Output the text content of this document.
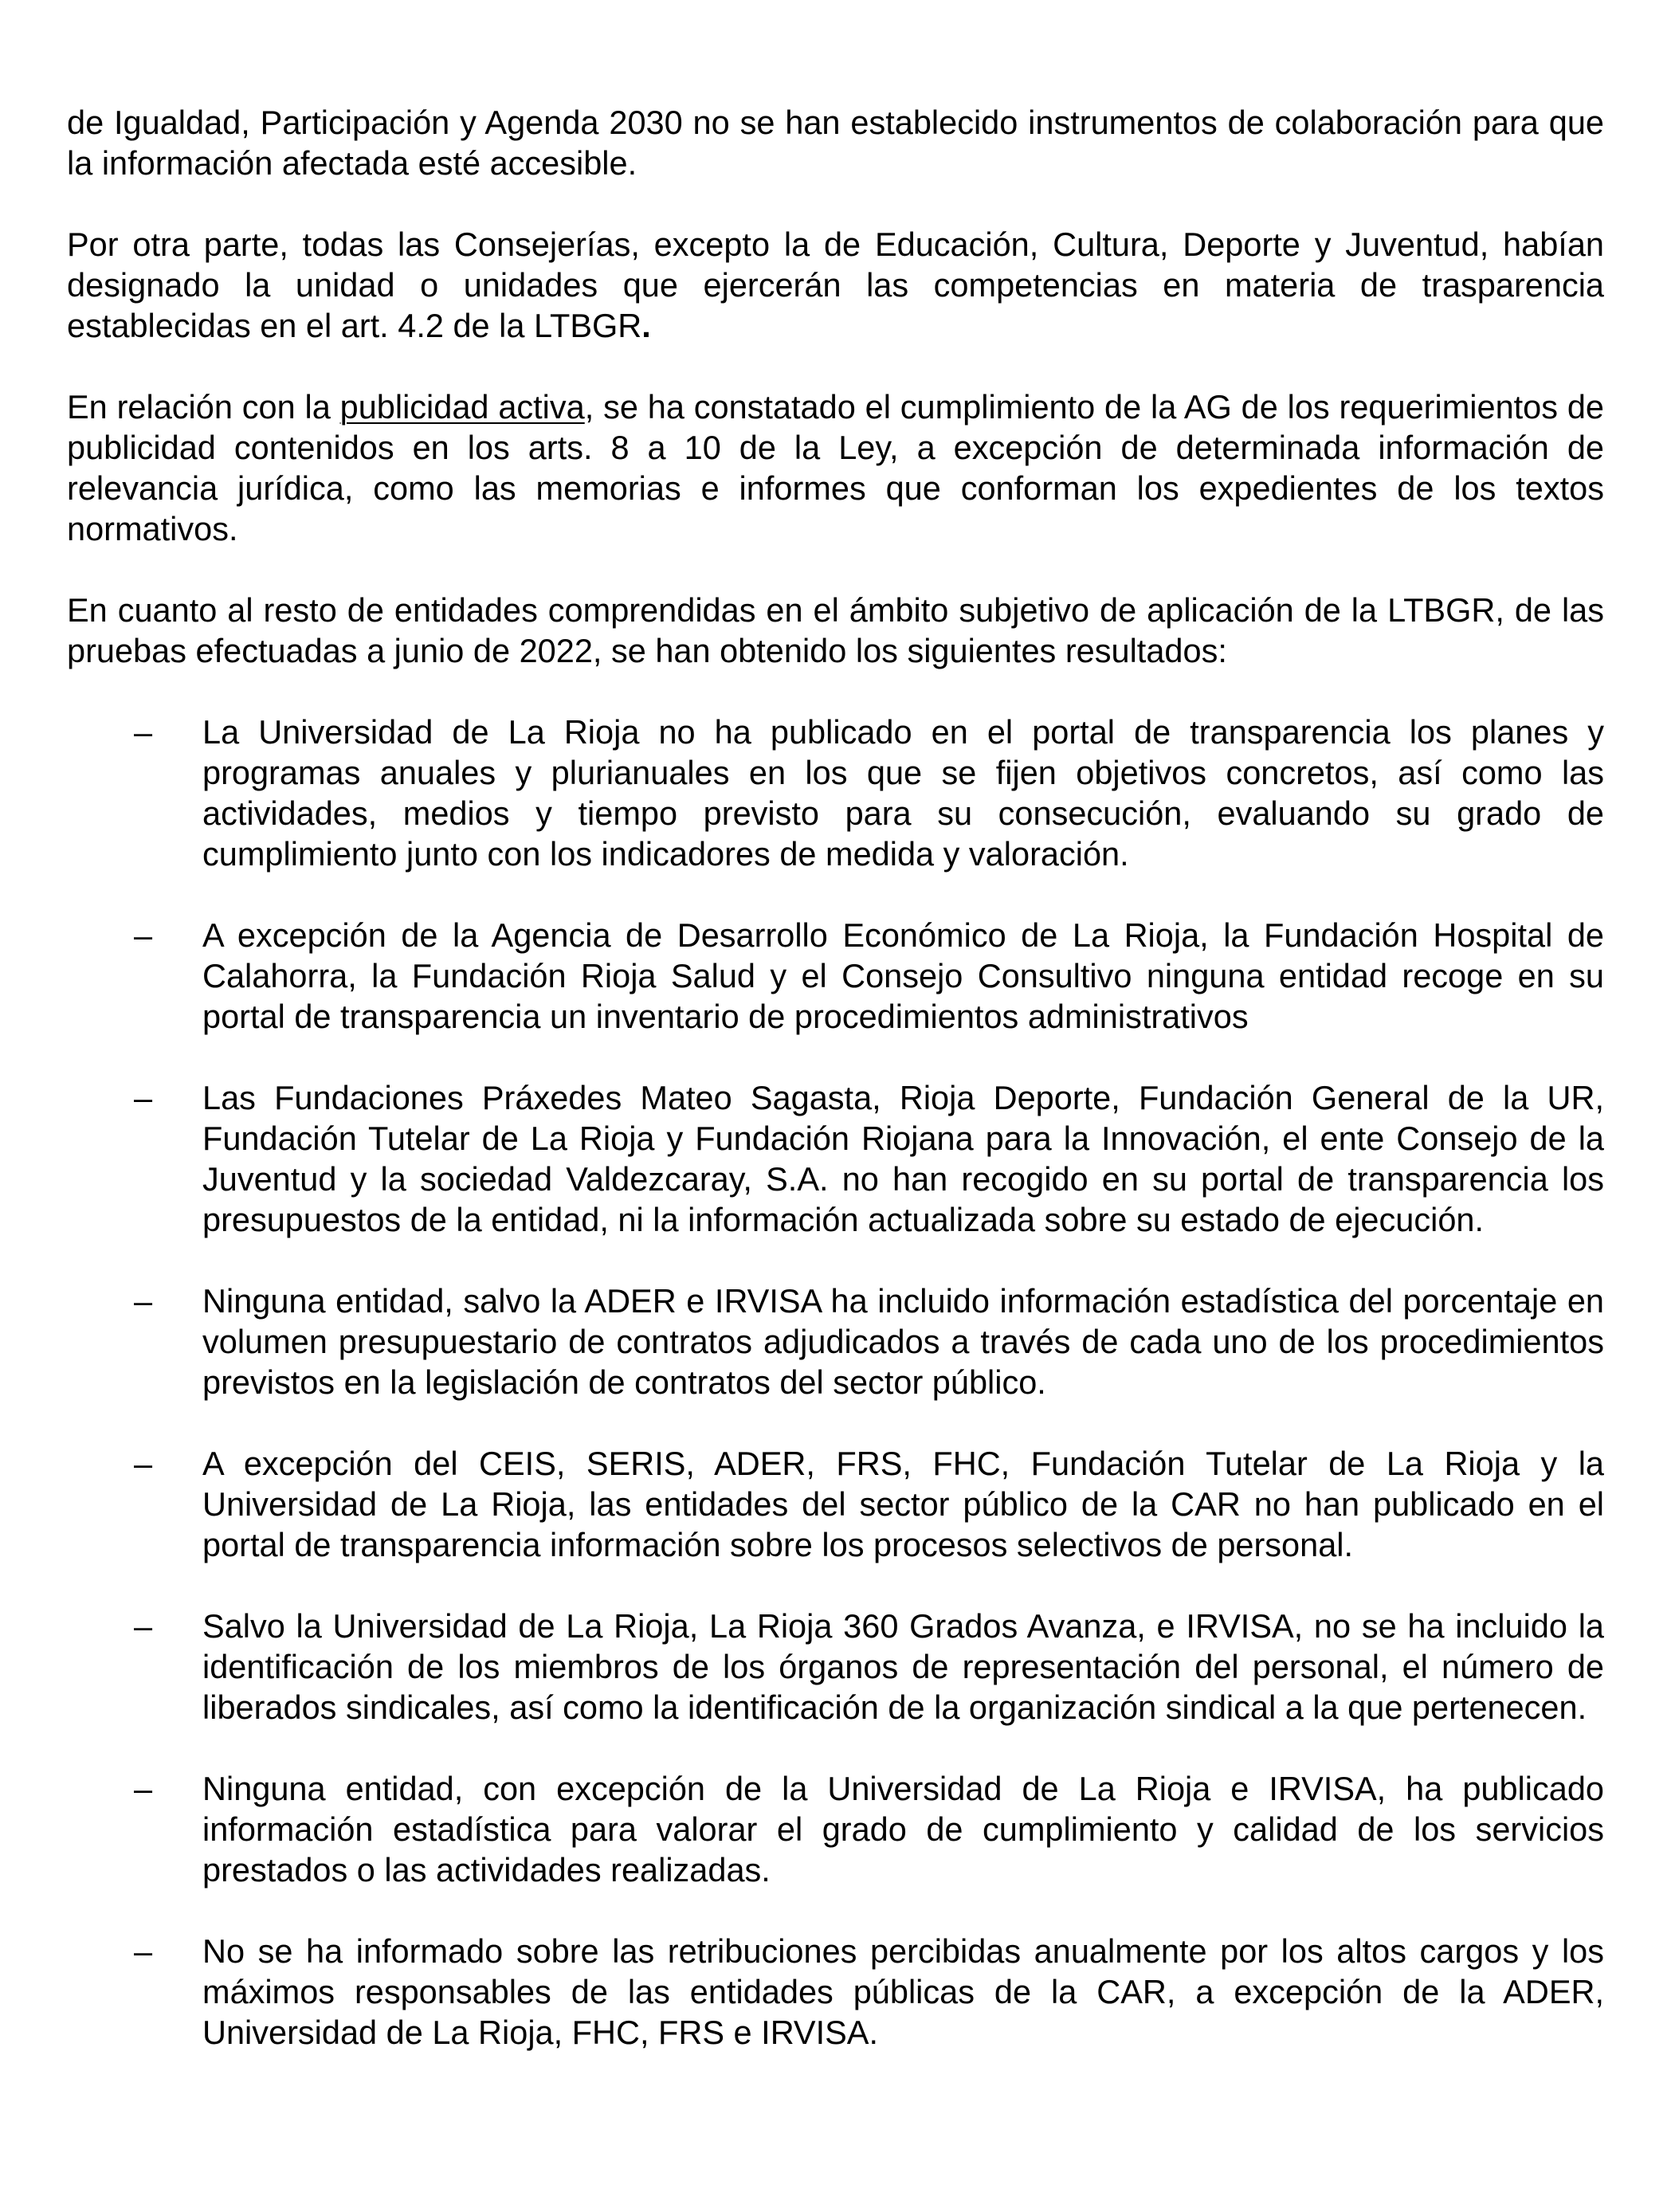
de Igualdad, Participación y Agenda 2030 no se han establecido instrumentos de colaboración para que la información afectada esté accesible.

Por otra parte, todas las Consejerías, excepto la de Educación, Cultura, Deporte y Juventud, habían designado la unidad o unidades que ejercerán las competencias en materia de trasparencia establecidas en el art. 4.2 de la LTBGR.

En relación con la publicidad activa, se ha constatado el cumplimiento de la AG de los requerimientos de publicidad contenidos en los arts. 8 a 10 de la Ley, a excepción de determinada información de relevancia jurídica, como las memorias e informes que conforman los expedientes de los textos normativos.

En cuanto al resto de entidades comprendidas en el ámbito subjetivo de aplicación de la LTBGR, de las pruebas efectuadas a junio de 2022, se han obtenido los siguientes resultados:

– La Universidad de La Rioja no ha publicado en el portal de transparencia los planes y programas anuales y plurianuales en los que se fijen objetivos concretos, así como las actividades, medios y tiempo previsto para su consecución, evaluando su grado de cumplimiento junto con los indicadores de medida y valoración.
– A excepción de la Agencia de Desarrollo Económico de La Rioja, la Fundación Hospital de Calahorra, la Fundación Rioja Salud y el Consejo Consultivo ninguna entidad recoge en su portal de transparencia un inventario de procedimientos administrativos
– Las Fundaciones Práxedes Mateo Sagasta, Rioja Deporte, Fundación General de la UR, Fundación Tutelar de La Rioja y Fundación Riojana para la Innovación, el ente Consejo de la Juventud y la sociedad Valdezcaray, S.A. no han recogido en su portal de transparencia los presupuestos de la entidad, ni la información actualizada sobre su estado de ejecución.
– Ninguna entidad, salvo la ADER e IRVISA ha incluido información estadística del porcentaje en volumen presupuestario de contratos adjudicados a través de cada uno de los procedimientos previstos en la legislación de contratos del sector público.
– A excepción del CEIS, SERIS, ADER, FRS, FHC, Fundación Tutelar de La Rioja y la Universidad de La Rioja, las entidades del sector público de la CAR no han publicado en el portal de transparencia información sobre los procesos selectivos de personal.
– Salvo la Universidad de La Rioja, La Rioja 360 Grados Avanza, e IRVISA, no se ha incluido la identificación de los miembros de los órganos de representación del personal, el número de liberados sindicales, así como la identificación de la organización sindical a la que pertenecen.
– Ninguna entidad, con excepción de la Universidad de La Rioja e IRVISA, ha publicado información estadística para valorar el grado de cumplimiento y calidad de los servicios prestados o las actividades realizadas.
– No se ha informado sobre las retribuciones percibidas anualmente por los altos cargos y los máximos responsables de las entidades públicas de la CAR, a excepción de la ADER, Universidad de La Rioja, FHC, FRS e IRVISA.
